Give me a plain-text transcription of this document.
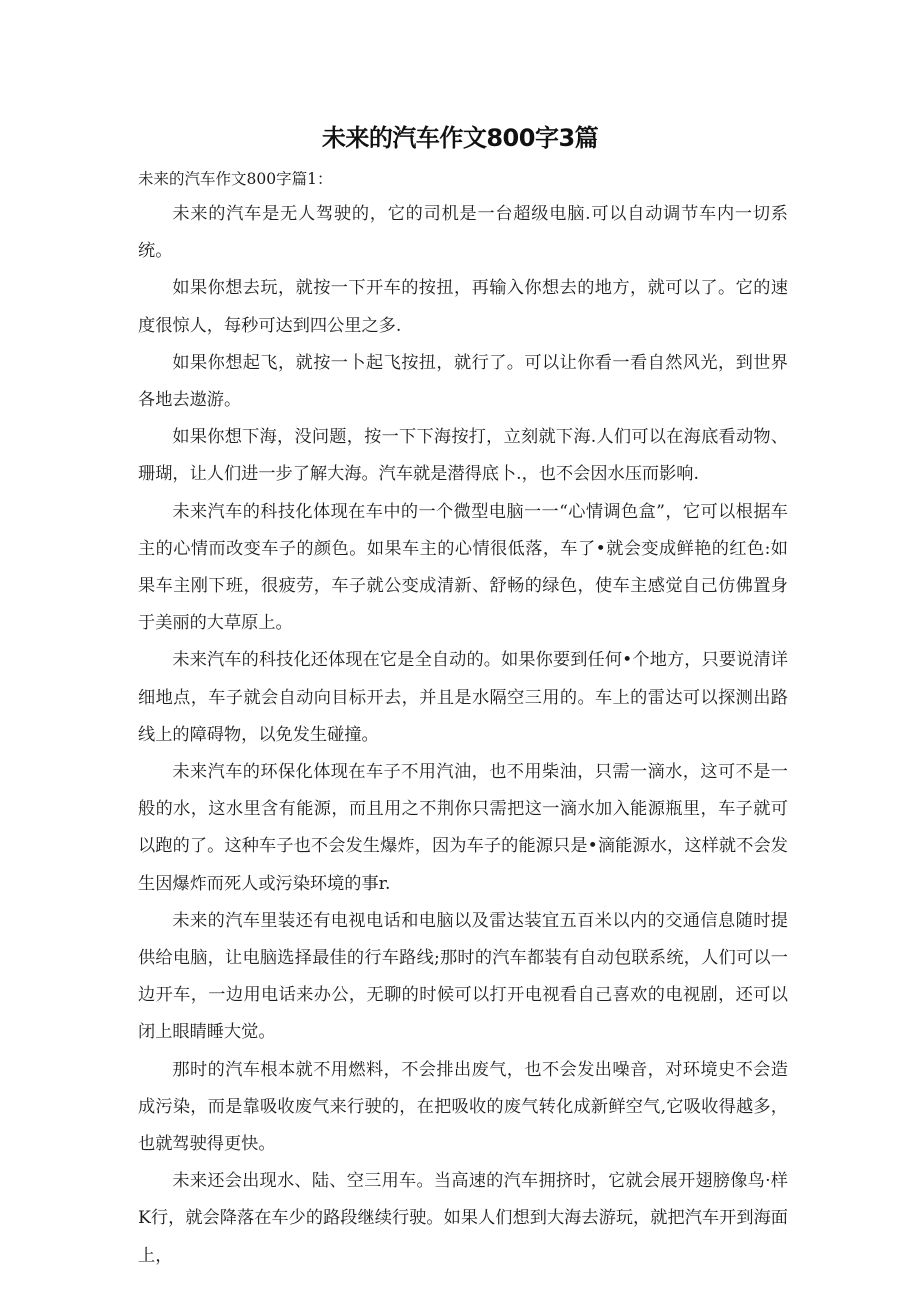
未来的汽车作文800字3篇

未来的汽车作文800字篇1：

未来的汽车是无人驾驶的，它的司机是一台超级电脑.可以自动调节车内一切系统。

如果你想去玩，就按一下开车的按扭，再输入你想去的地方，就可以了。它的速度很惊人，每秒可达到四公里之多.

如果你想起飞，就按一卜起飞按扭，就行了。可以让你看一看自然风光，到世界各地去遨游。

如果你想下海，没问题，按一下下海按打，立刻就下海.人们可以在海底看动物、珊瑚，让人们进一步了解大海。汽车就是潜得底卜.，也不会因水压而影响.

未来汽车的科技化体现在车中的一个微型电脑一一“心情调色盒”，它可以根据车主的心情而改变车子的颜色。如果车主的心情很低落，车了•就会变成鲜艳的红色:如果车主刚下班，很疲劳，车子就公变成清新、舒畅的绿色，使车主感觉自己仿佛置身于美丽的大草原上。

未来汽车的科技化还体现在它是全自动的。如果你要到任何•个地方，只要说清详细地点，车子就会自动向目标开去，并且是水隔空三用的。车上的雷达可以探测出路线上的障碍物，以免发生碰撞。

未来汽车的环保化体现在车子不用汽油，也不用柴油，只需一滴水，这可不是一般的水，这水里含有能源，而且用之不荆你只需把这一滴水加入能源瓶里，车子就可以跑的了。这种车子也不会发生爆炸，因为车子的能源只是•滴能源水，这样就不会发生因爆炸而死人或污染环境的事r.

未来的汽车里装还有电视电话和电脑以及雷达装宜五百米以内的交通信息随时提供给电脑，让电脑选择最佳的行车路线;那时的汽车都装有自动包联系统，人们可以一边开车，一边用电话来办公，无聊的时候可以打开电视看自己喜欢的电视剧，还可以闭上眼睛睡大觉。

那时的汽车根本就不用燃料，不会排出废气，也不会发出噪音，对环境史不会造成污染，而是靠吸收废气来行驶的，在把吸收的废气转化成新鲜空气,它吸收得越多，也就驾驶得更快。

未来还会出现水、陆、空三用车。当高速的汽车拥挤时，它就会展开翅膀像鸟·样K行，就会降落在车少的路段继续行驶。如果人们想到大海去游玩，就把汽车开到海面上，
